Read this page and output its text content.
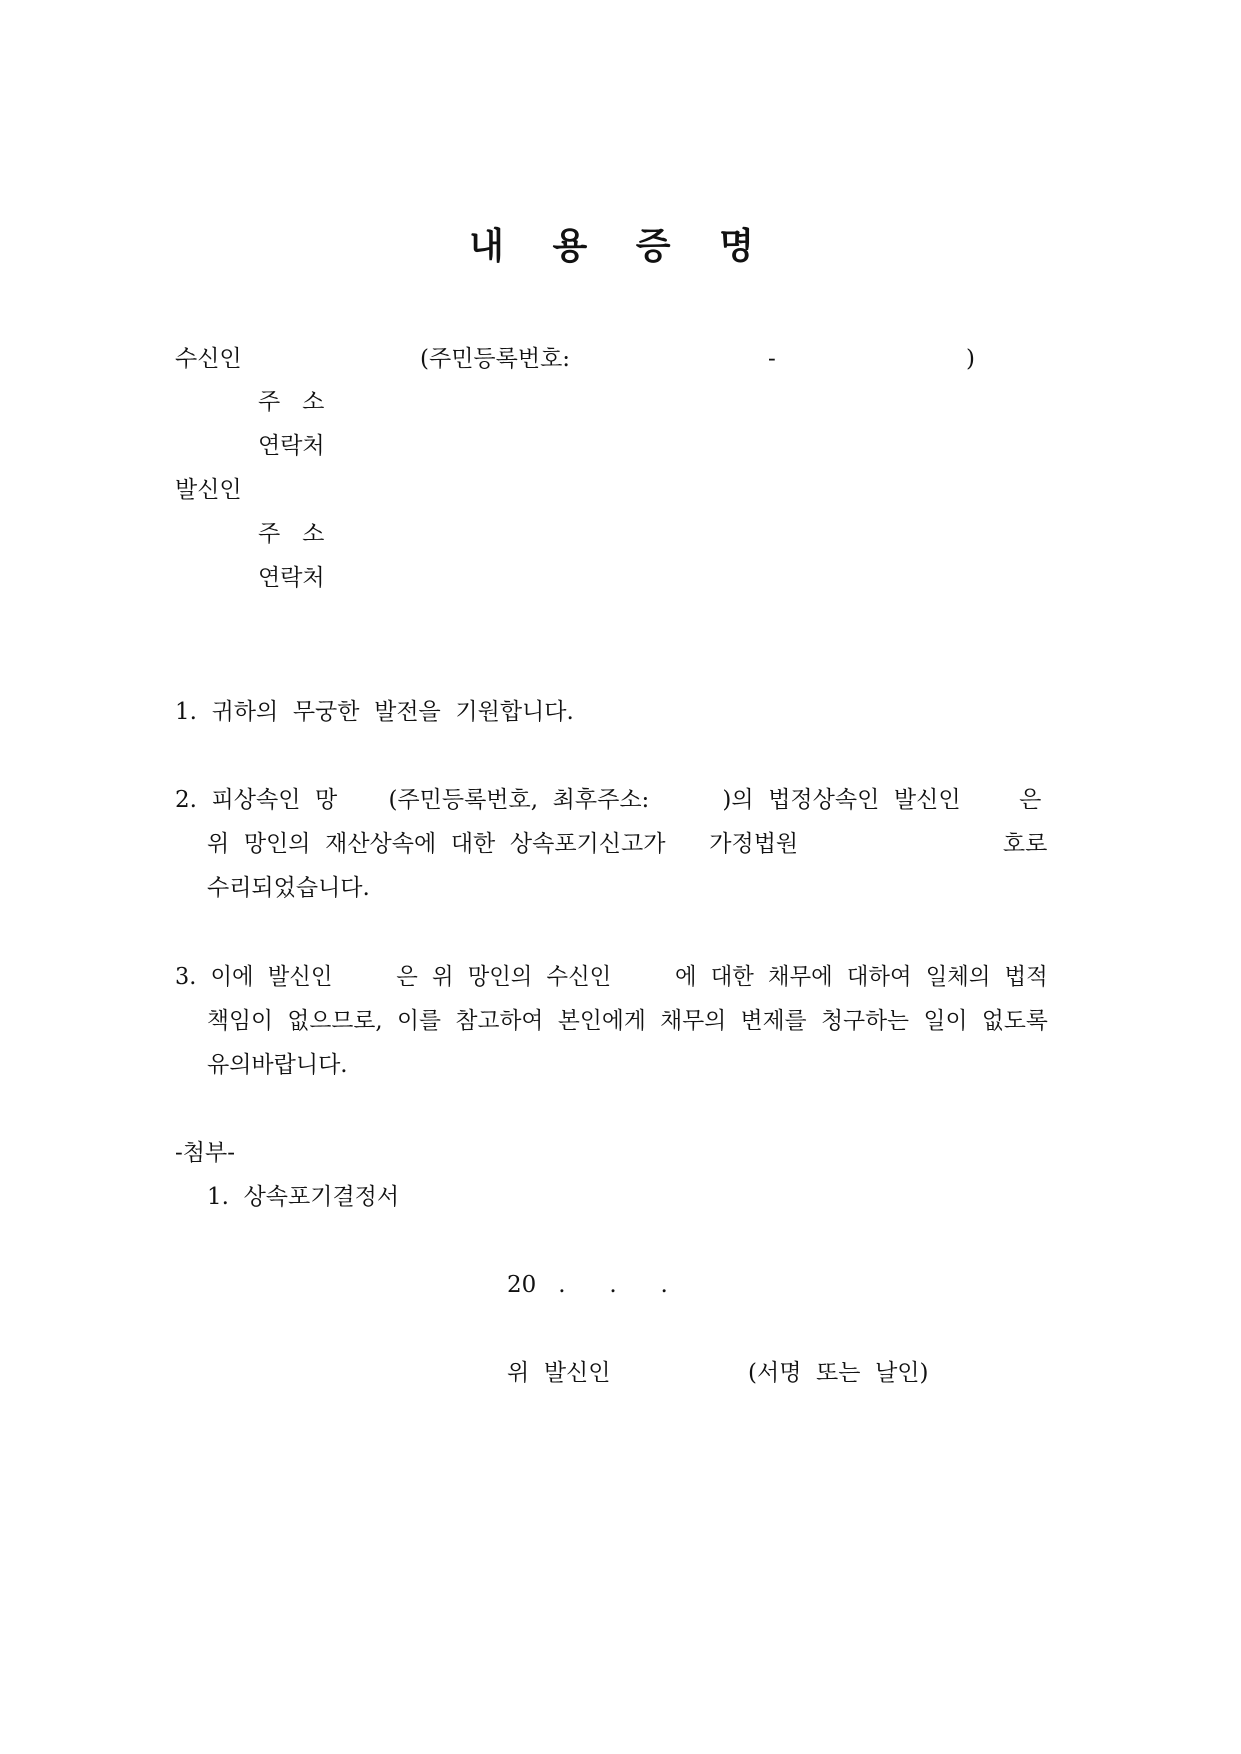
내 용 증 명
수신인	(주민등록번호:	-	)
주   소
연락처
발신인
주   소
연락처
1.  귀하의  무궁한  발전을  기원합니다.
2.  피상속인  망       (주민등록번호,  최후주소:          )의  법정상속인  발신인        은
위  망인의  재산상속에  대한  상속포기신고가      가정법원                            호로
수리되었습니다.
3.  이에  발신인         은  위  망인의  수신인         에  대한  채무에  대하여  일체의  법적
책임이  없으므로,  이를  참고하여  본인에게  채무의  변제를  청구하는  일이  없도록
유의바랍니다.
-첨부-
1.  상속포기결정서
20   .      .      .
위  발신인	(서명  또는  날인)
